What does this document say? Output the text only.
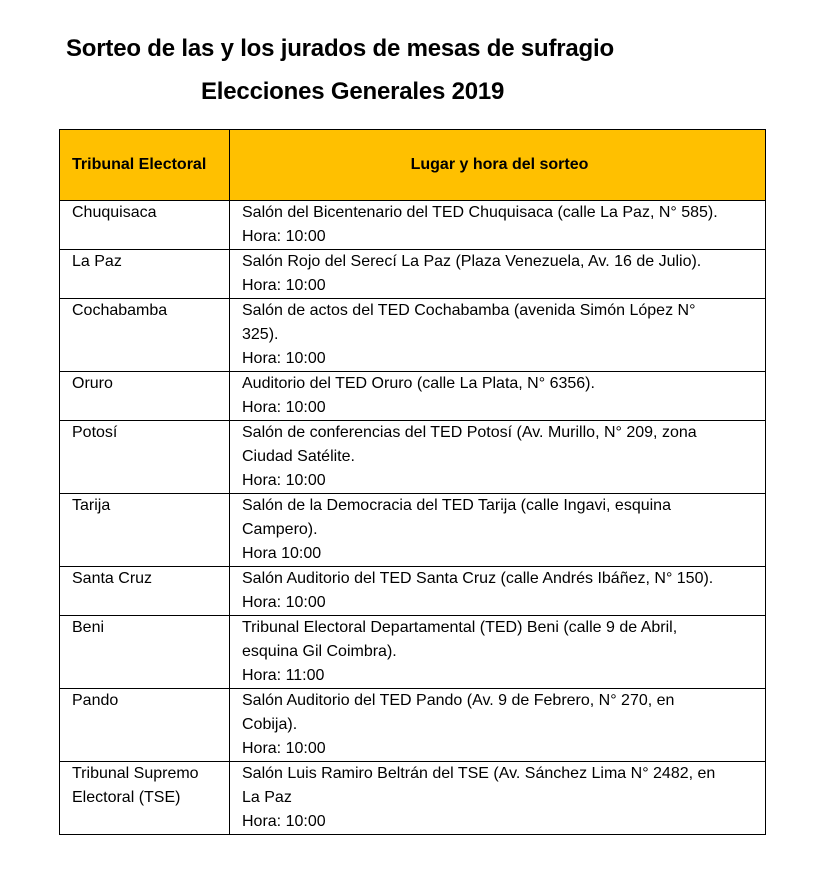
Sorteo de las y los jurados de mesas de sufragio
Elecciones Generales 2019
Tribunal Electoral	Lugar y hora del sorteo

Chuquisaca	Salón del Bicentenario del TED Chuquisaca (calle La Paz, N° 585).
Hora: 10:00

La Paz	Salón Rojo del Serecí La Paz (Plaza Venezuela, Av. 16 de Julio).
Hora: 10:00

Cochabamba	Salón de actos del TED Cochabamba (avenida Simón López N°
325).
Hora: 10:00

Oruro	Auditorio del TED Oruro (calle La Plata, N° 6356).
Hora: 10:00

Potosí	Salón de conferencias del TED Potosí (Av. Murillo, N° 209, zona
Ciudad Satélite.
Hora: 10:00

Tarija	Salón de la Democracia del TED Tarija (calle Ingavi, esquina
Campero).
Hora 10:00

Santa Cruz	Salón Auditorio del TED Santa Cruz (calle Andrés Ibáñez, N° 150).
Hora: 10:00

Beni	Tribunal Electoral Departamental (TED) Beni (calle 9 de Abril,
esquina Gil Coimbra).
Hora: 11:00

Pando	Salón Auditorio del TED Pando (Av. 9 de Febrero, N° 270, en
Cobija).
Hora: 10:00

Tribunal Supremo
Electoral (TSE)	Salón Luis Ramiro Beltrán del TSE (Av. Sánchez Lima N° 2482, en
La Paz
Hora: 10:00
